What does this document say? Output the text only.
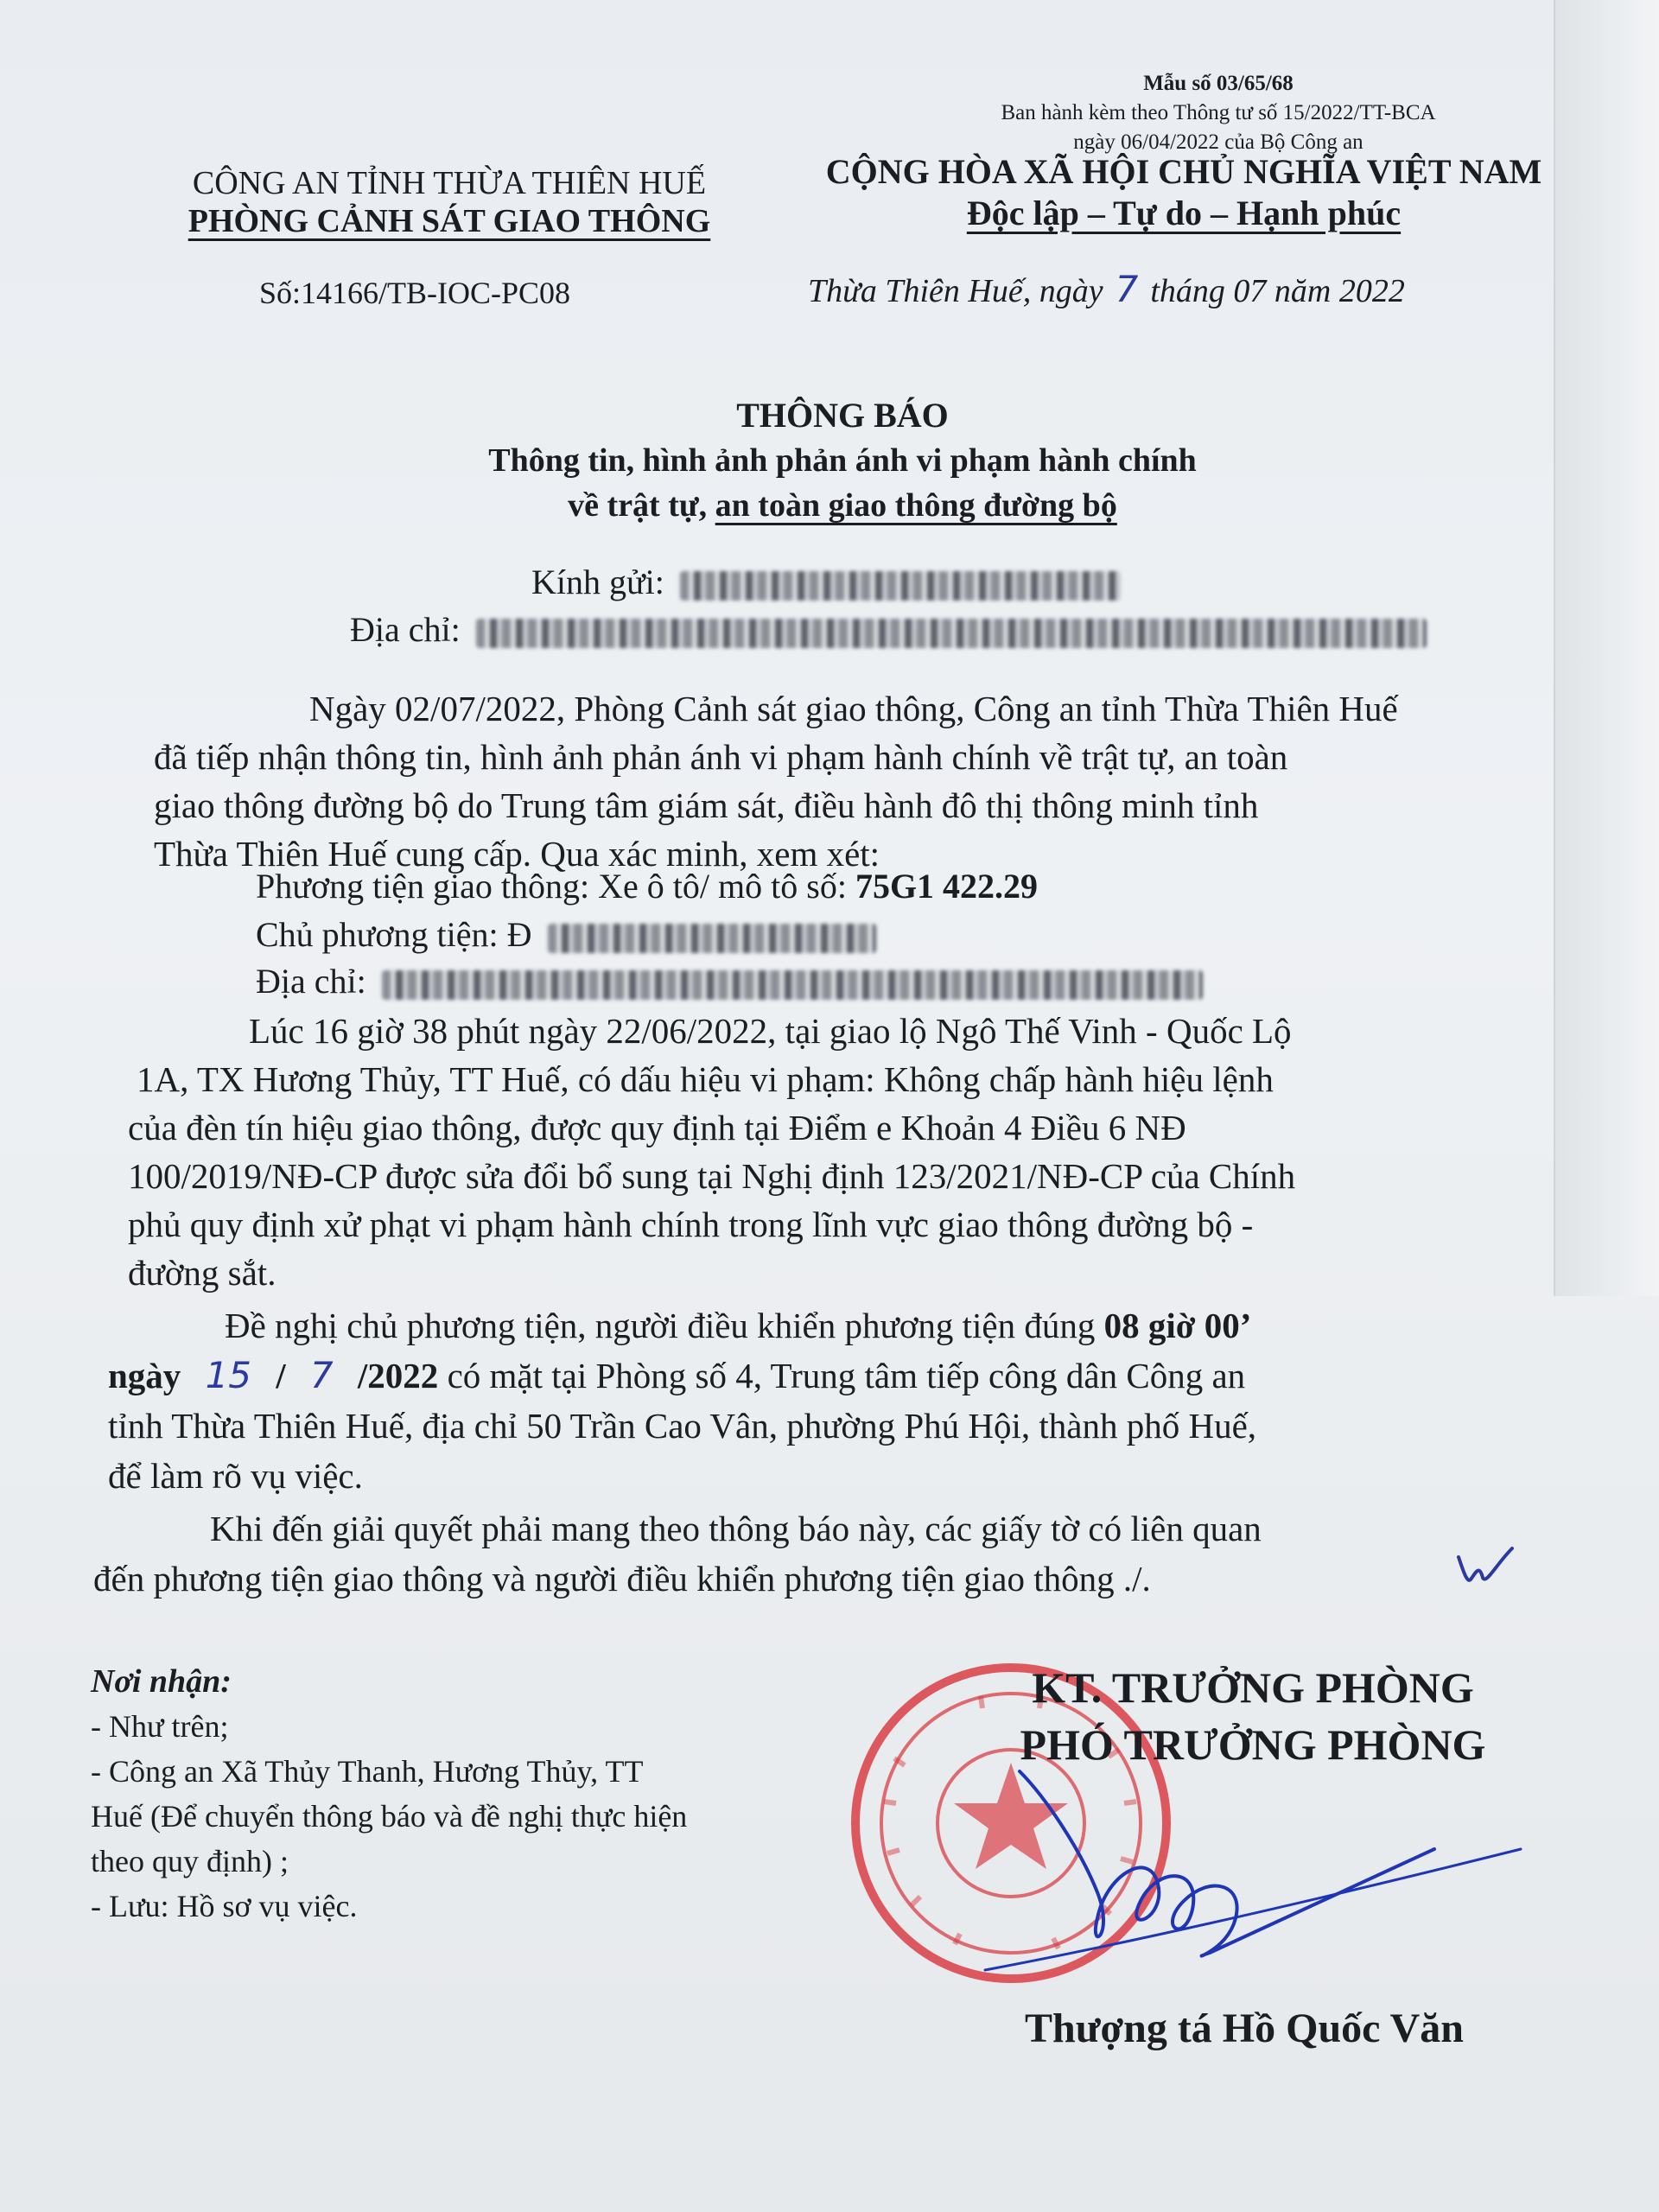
Mẫu số 03/65/68
Ban hành kèm theo Thông tư số 15/2022/TT-BCA
ngày 06/04/2022 của Bộ Công an
CÔNG AN TỈNH THỪA THIÊN HUẾ
PHÒNG CẢNH SÁT GIAO THÔNG
CỘNG HÒA XÃ HỘI CHỦ NGHĨA VIỆT NAM
Độc lập – Tự do – Hạnh phúc
Số:14166/TB-IOC-PC08	Thừa Thiên Huế, ngày 7 tháng 07 năm 2022
THÔNG BÁO
Thông tin, hình ảnh phản ánh vi phạm hành chính
về trật tự, an toàn giao thông đường bộ
Kính gửi:
Địa chỉ:
Ngày 02/07/2022, Phòng Cảnh sát giao thông, Công an tỉnh Thừa Thiên Huế
đã tiếp nhận thông tin, hình ảnh phản ánh vi phạm hành chính về trật tự, an toàn
giao thông đường bộ do Trung tâm giám sát, điều hành đô thị thông minh tỉnh
Thừa Thiên Huế cung cấp. Qua xác minh, xem xét:
Phương tiện giao thông: Xe ô tô/ mô tô số: 75G1 422.29
Chủ phương tiện: Đ
Địa chỉ:
Lúc 16 giờ 38 phút ngày 22/06/2022, tại giao lộ Ngô Thế Vinh - Quốc Lộ
1A, TX Hương Thủy, TT Huế, có dấu hiệu vi phạm: Không chấp hành hiệu lệnh
của đèn tín hiệu giao thông, được quy định tại Điểm e Khoản 4 Điều 6 NĐ
100/2019/NĐ-CP được sửa đổi bổ sung tại Nghị định 123/2021/NĐ-CP của Chính
phủ quy định xử phạt vi phạm hành chính trong lĩnh vực giao thông đường bộ -
đường sắt.
Đề nghị chủ phương tiện, người điều khiển phương tiện đúng 08 giờ 00’
ngày 15 / 7 /2022 có mặt tại Phòng số 4, Trung tâm tiếp công dân Công an
tỉnh Thừa Thiên Huế, địa chỉ 50 Trần Cao Vân, phường Phú Hội, thành phố Huế,
để làm rõ vụ việc.
Khi đến giải quyết phải mang theo thông báo này, các giấy tờ có liên quan
đến phương tiện giao thông và người điều khiển phương tiện giao thông ./.
Nơi nhận:
- Như trên;
- Công an Xã Thủy Thanh, Hương Thủy, TT
Huế (Để chuyển thông báo và đề nghị thực hiện
theo quy định) ;
- Lưu: Hồ sơ vụ việc.
KT. TRƯỞNG PHÒNG
PHÓ TRƯỞNG PHÒNG
Thượng tá Hồ Quốc Văn
